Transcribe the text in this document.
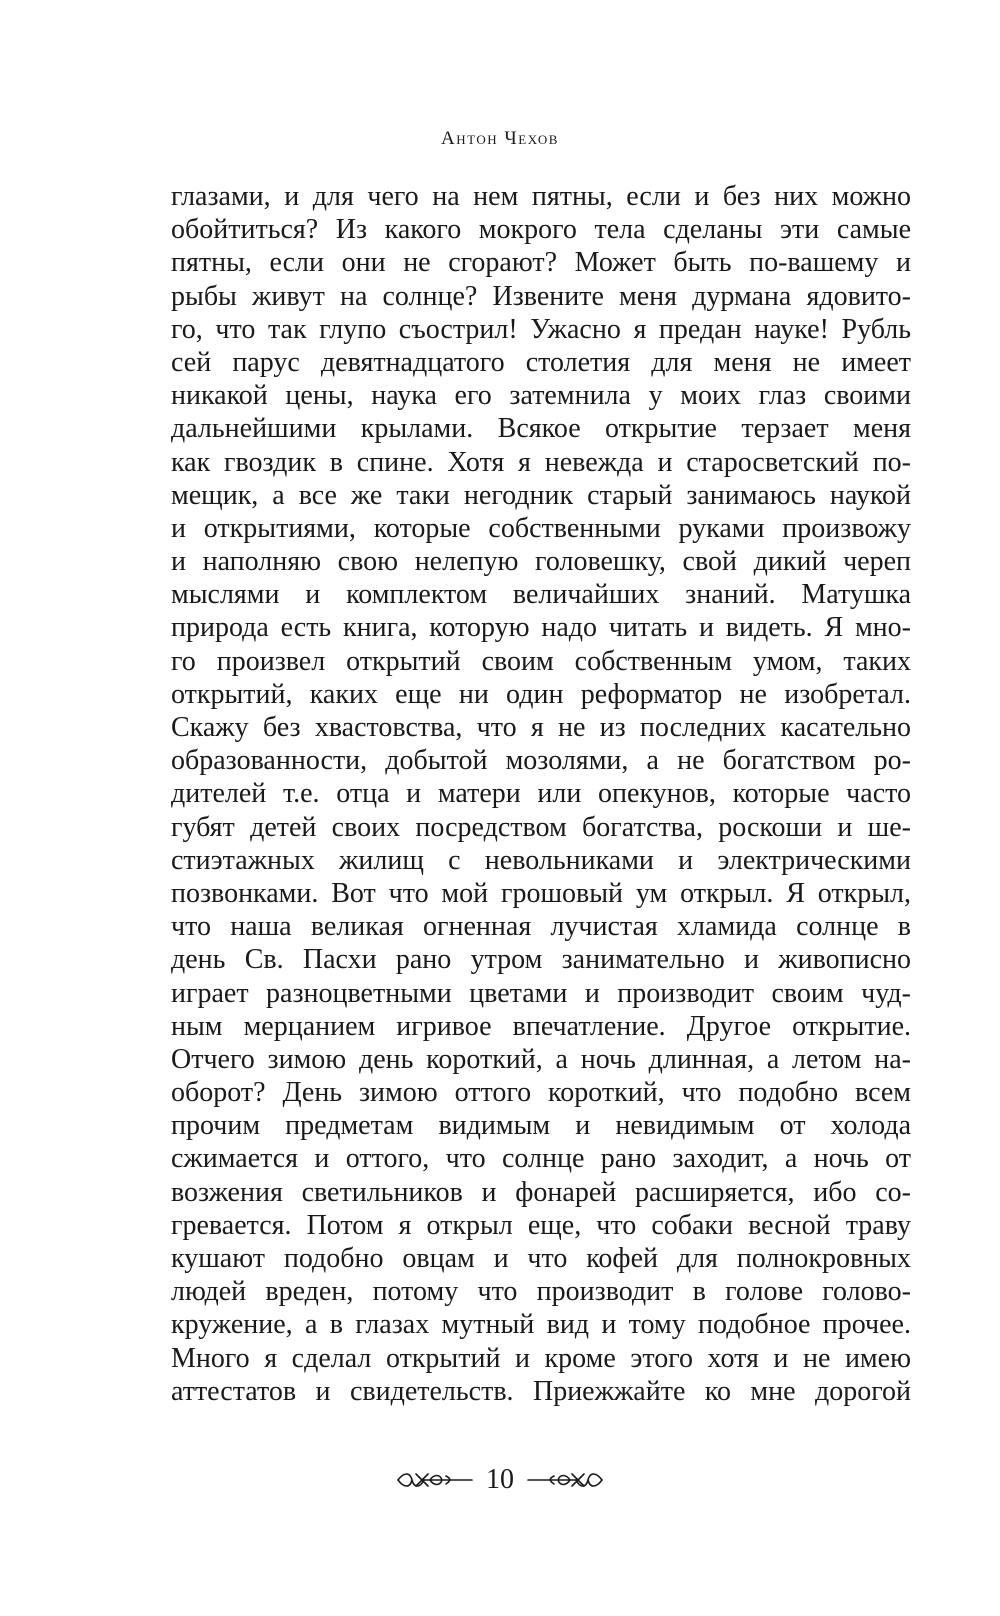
Антон Чехов
глазами, и для чего на нем пятны, если и без них можно
обойтиться? Из какого мокрого тела сделаны эти самые
пятны, если они не сгорают? Может быть по-вашему и
рыбы живут на солнце? Извените меня дурмана ядовито-
го, что так глупо съострил! Ужасно я предан науке! Рубль
сей парус девятнадцатого столетия для меня не имеет
никакой цены, наука его затемнила у моих глаз своими
дальнейшими крылами. Всякое открытие терзает меня
как гвоздик в спине. Хотя я невежда и старосветский по-
мещик, а все же таки негодник старый занимаюсь наукой
и открытиями, которые собственными руками произвожу
и наполняю свою нелепую головешку, свой дикий череп
мыслями и комплектом величайших знаний. Матушка
природа есть книга, которую надо читать и видеть. Я мно-
го произвел открытий своим собственным умом, таких
открытий, каких еще ни один реформатор не изобретал.
Скажу без хвастовства, что я не из последних касательно
образованности, добытой мозолями, а не богатством ро-
дителей т.е. отца и матери или опекунов, которые часто
губят детей своих посредством богатства, роскоши и ше-
стиэтажных жилищ с невольниками и электрическими
позвонками. Вот что мой грошовый ум открыл. Я открыл,
что наша великая огненная лучистая хламида солнце в
день Св. Пасхи рано утром занимательно и живописно
играет разноцветными цветами и производит своим чуд-
ным мерцанием игривое впечатление. Другое открытие.
Отчего зимою день короткий, а ночь длинная, а летом на-
оборот? День зимою оттого короткий, что подобно всем
прочим предметам видимым и невидимым от холода
сжимается и оттого, что солнце рано заходит, а ночь от
возжения светильников и фонарей расширяется, ибо со-
гревается. Потом я открыл еще, что собаки весной траву
кушают подобно овцам и что кофей для полнокровных
людей вреден, потому что производит в голове голово-
кружение, а в глазах мутный вид и тому подобное прочее.
Много я сделал открытий и кроме этого хотя и не имею
аттестатов и свидетельств. Приежжайте ко мне дорогой
10
